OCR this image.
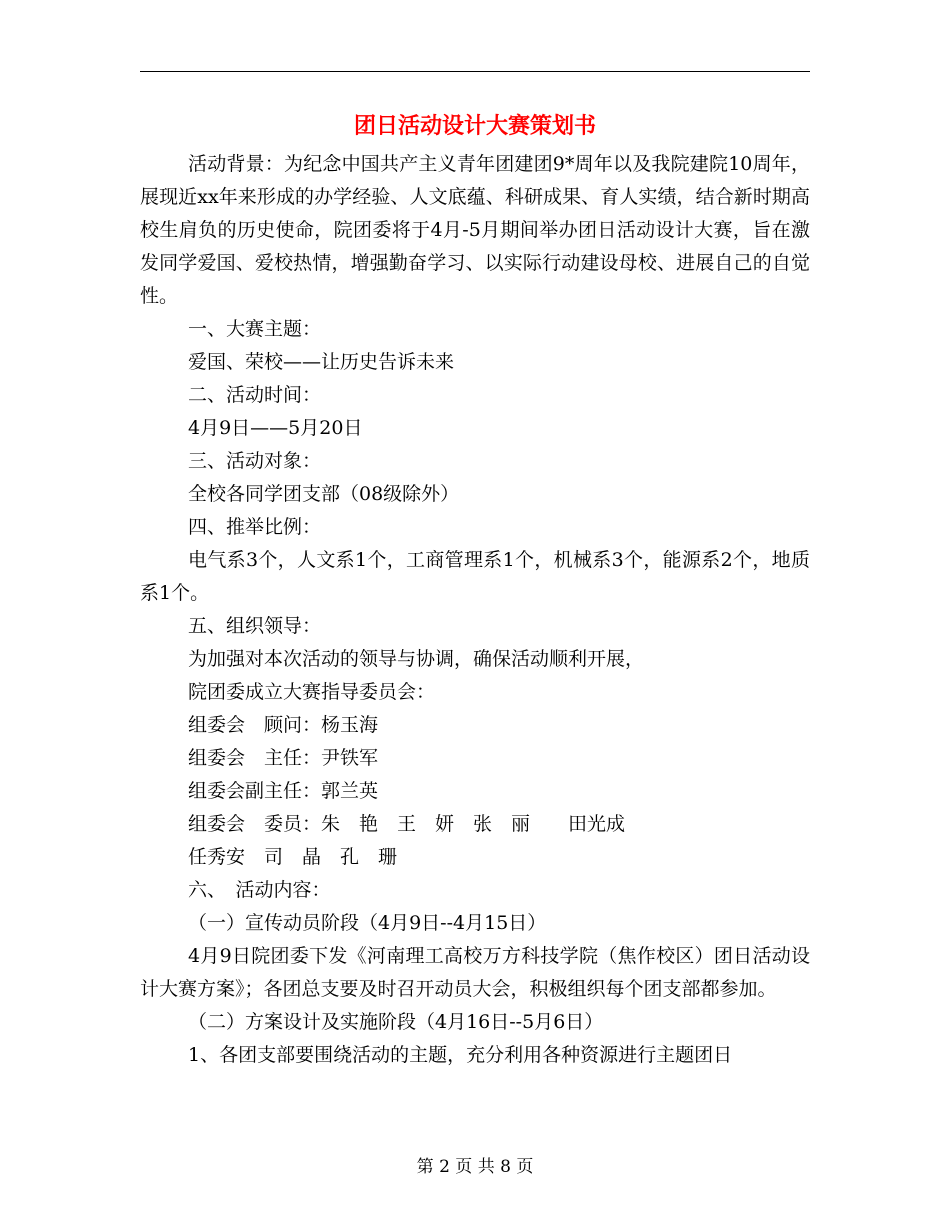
团日活动设计大赛策划书

活动背景：为纪念中国共产主义青年团建团9*周年以及我院建院10周年，展现近xx年来形成的办学经验、人文底蕴、科研成果、育人实绩，结合新时期高校生肩负的历史使命，院团委将于4月-5月期间举办团日活动设计大赛，旨在激发同学爱国、爱校热情，增强勤奋学习、以实际行动建设母校、进展自己的自觉性。

一、大赛主题：

爱国、荣校——让历史告诉未来

二、活动时间：

4月9日——5月20日

三、活动对象：

全校各同学团支部（08级除外）

四、推举比例：

电气系3个，人文系1个，工商管理系1个，机械系3个，能源系2个，地质系1个。

五、组织领导：

为加强对本次活动的领导与协调，确保活动顺利开展，

院团委成立大赛指导委员会：

组委会　顾问：杨玉海

组委会　主任：尹铁军

组委会副主任：郭兰英

组委会　委员：朱　艳　王　妍　张　丽　　田光成

任秀安　司　晶　孔　珊

六、　活动内容：

（一）宣传动员阶段（4月9日--4月15日）

4月9日院团委下发《河南理工高校万方科技学院（焦作校区）团日活动设计大赛方案》；各团总支要及时召开动员大会，积极组织每个团支部都参加。

（二）方案设计及实施阶段（4月16日--5月6日）

1、各团支部要围绕活动的主题，充分利用各种资源进行主题团日

第 2 页 共 8 页
